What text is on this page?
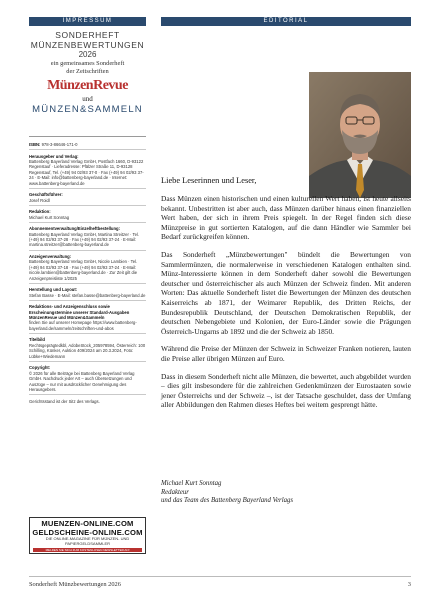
IMPRESSUM
SONDERHEFT
MÜNZENBEWERTUNGEN
2026
ein gemeinsames Sonderheft
der Zeitschriften
MünzenRevue
und
MÜNZEN&SAMMELN
ISBN: 978-3-86646-171-0
Herausgeber und Verlag:
Battenberg Bayerland Verlag GmbH, Postfach 1660, D-93122 Regenstauf · Lieferadresse: Pfälzer Straße 11, D-93128 Regenstauf, Tel. (+49) 94 02/93 37-0 · Fax (+49) 94 02/93 37-24 · E-Mail: info@battenberg-bayerland.de · Internet: www.battenberg-bayerland.de
Geschäftsführer:
Josef Roidl
Redaktion:
Michael Kurt Sonntag
Abonnementverwaltung/Einzelheftbestellung:
Battenberg Bayerland Verlag GmbH, Martina Streitzer · Tel. (+49) 94 02/93 37-28 · Fax (+49) 94 02/93 37-24 · E-Mail: martina.streitzer@battenberg-bayerland.de
Anzeigenverwaltung:
Battenberg Bayerland Verlag GmbH, Nicole Lambien · Tel. (+49) 94 02/93 37-18 · Fax (+49) 94 02/93 37-24 · E-Mail: nicole.lambien@battenberg-bayerland.de · Zur Zeit gilt die Anzeigenpreisliste 1/2025
Herstellung und Layout:
Stefan Basse · E-Mail: stefan.basse@battenberg-bayerland.de
Redaktions- und Anzeigenschluss sowie Erscheinungstermine unserer Standard-Ausgaben MünzenRevue und Münzen&Sammeln
finden Sie auf unserer Homepage https://www.battenberg-bayerland.de/sammeln/zeitschriften-und-abos
Titelbild
Rechtsgeprägtedkbl, AdobeStock_205978594, Österreich: 100 Schilling, Künker, Auktion 409/2024 am 20.3.2024, Foto: Lübke+Wiedemann
Copyright:
© 2026 für alle Beiträge bei Battenberg Bayerland Verlag GmbH. Nachdruck jeder Art – auch Übersetzungen und Auszüge – nur mit ausdrücklicher Genehmigung des Herausgebers.
Gerichtsstand ist der Sitz des Verlags.
MUENZEN-ONLINE.COM
GELDSCHEINE-ONLINE.COM
DIE ONLINE-MAGAZINE FÜR MÜNZEN- UND PAPIERGELDSAMMLER
MELDEN SIE SICH ZUM KOSTENLOSEN NEWSLETTER AN!
EDITORIAL
Liebe Leserinnen und Leser,

Dass Münzen einen historischen und einen kulturellen Wert haben, ist heute allseits bekannt. Unbestritten ist aber auch, dass Münzen darüber hinaus einen finanziellen Wert haben, der sich in ihrem Preis spiegelt. In der Regel finden sich diese Münzpreise in gut sortierten Katalogen, auf die dann Händler wie Sammler bei Bedarf zurückgreifen können.

Das Sonderheft „Münzbewertungen" bündelt die Bewertungen von Sammlermünzen, die normalerweise in verschiedenen Katalogen enthalten sind. Münz-Interessierte können in dem Sonderheft daher sowohl die Bewertungen deutscher und österreichischer als auch Münzen der Schweiz finden. Mit anderen Worten: Das aktuelle Sonderheft listet die Bewertungen der Münzen des deutschen Kaiserreichs ab 1871, der Weimarer Republik, des Dritten Reichs, der Bundesrepublik Deutschland, der Deutschen Demokratischen Republik, der deutschen Nebengebiete und Kolonien, der Euro-Länder sowie die Prägungen Österreich-Ungarns ab 1892 und die der Schweiz ab 1850.

Während die Preise der Münzen der Schweiz in Schweizer Franken notieren, lauten die Preise aller übrigen Münzen auf Euro.

Dass in diesem Sonderheft nicht alle Münzen, die bewertet, auch abgebildet wurden – dies gilt insbesondere für die zahlreichen Gedenkmünzen der Eurostaaten sowie jener Österreichs und der Schweiz –, ist der Tatsache geschuldet, dass der Umfang aller Abbildungen den Rahmen dieses Heftes bei weitem gesprengt hätte.

Michael Kurt Sonntag
Redakteur
und das Team des Battenberg Bayerland Verlags
Sonderheft Münzbewertungen 2026	3
